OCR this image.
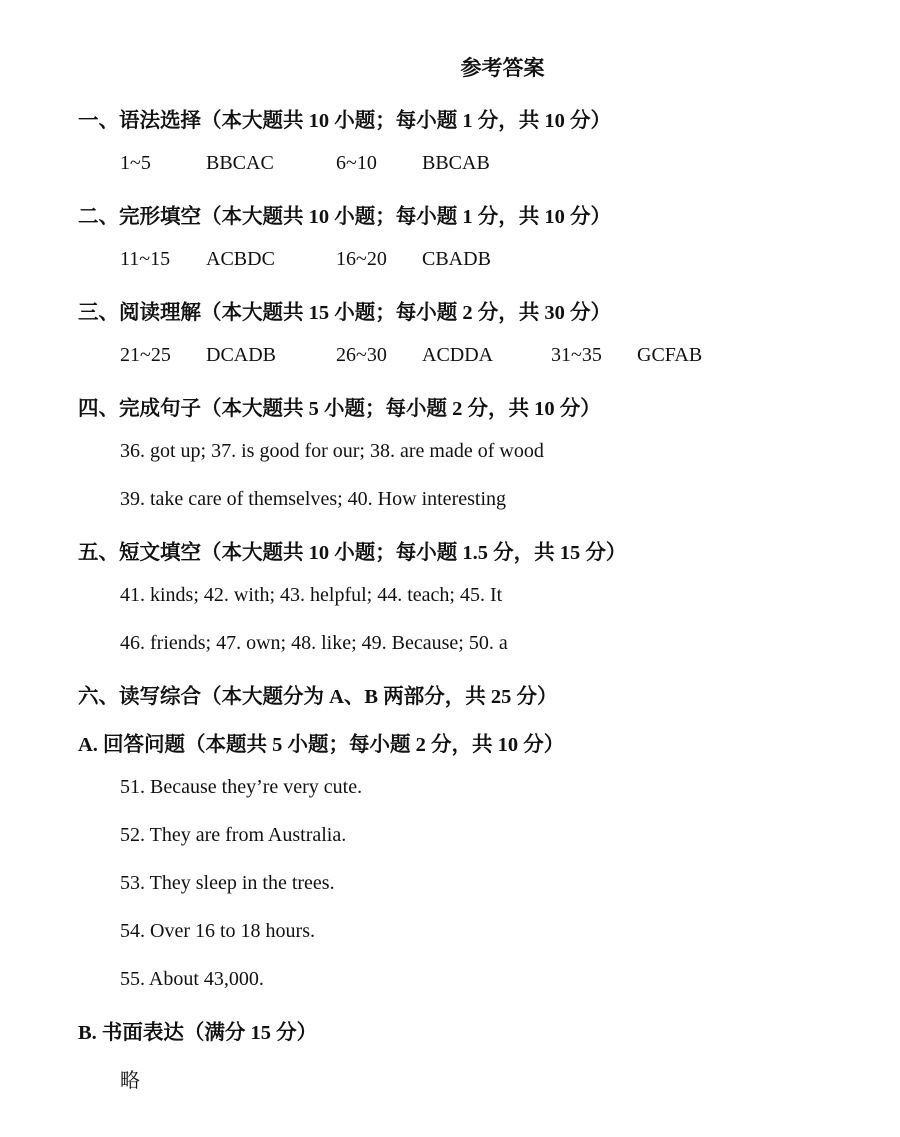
参考答案
一、语法选择（本大题共 10 小题；每小题 1 分，共 10 分）
1~5	BBCAC	6~10 BBCAB
二、完形填空（本大题共 10 小题；每小题 1 分，共 10 分）
11~15 ACBDC	16~20 CBADB
三、阅读理解（本大题共 15 小题；每小题 2 分，共 30 分）
21~25 DCADB	26~30 ACDDA	31~35 GCFAB
四、完成句子（本大题共 5 小题；每小题 2 分，共 10 分）
36. got up; 37. is good for our; 38. are made of wood
39. take care of themselves; 40. How interesting
五、短文填空（本大题共 10 小题；每小题 1.5 分，共 15 分）
41. kinds; 42. with; 43. helpful; 44. teach; 45. It
46. friends; 47. own; 48. like; 49. Because; 50. a
六、读写综合（本大题分为 A、B 两部分，共 25 分）
A. 回答问题（本题共 5 小题；每小题 2 分，共 10 分）
51. Because they’re very cute.
52. They are from Australia.
53. They sleep in the trees.
54. Over 16 to 18 hours.
55. About 43,000.
B. 书面表达（满分 15 分）
略
